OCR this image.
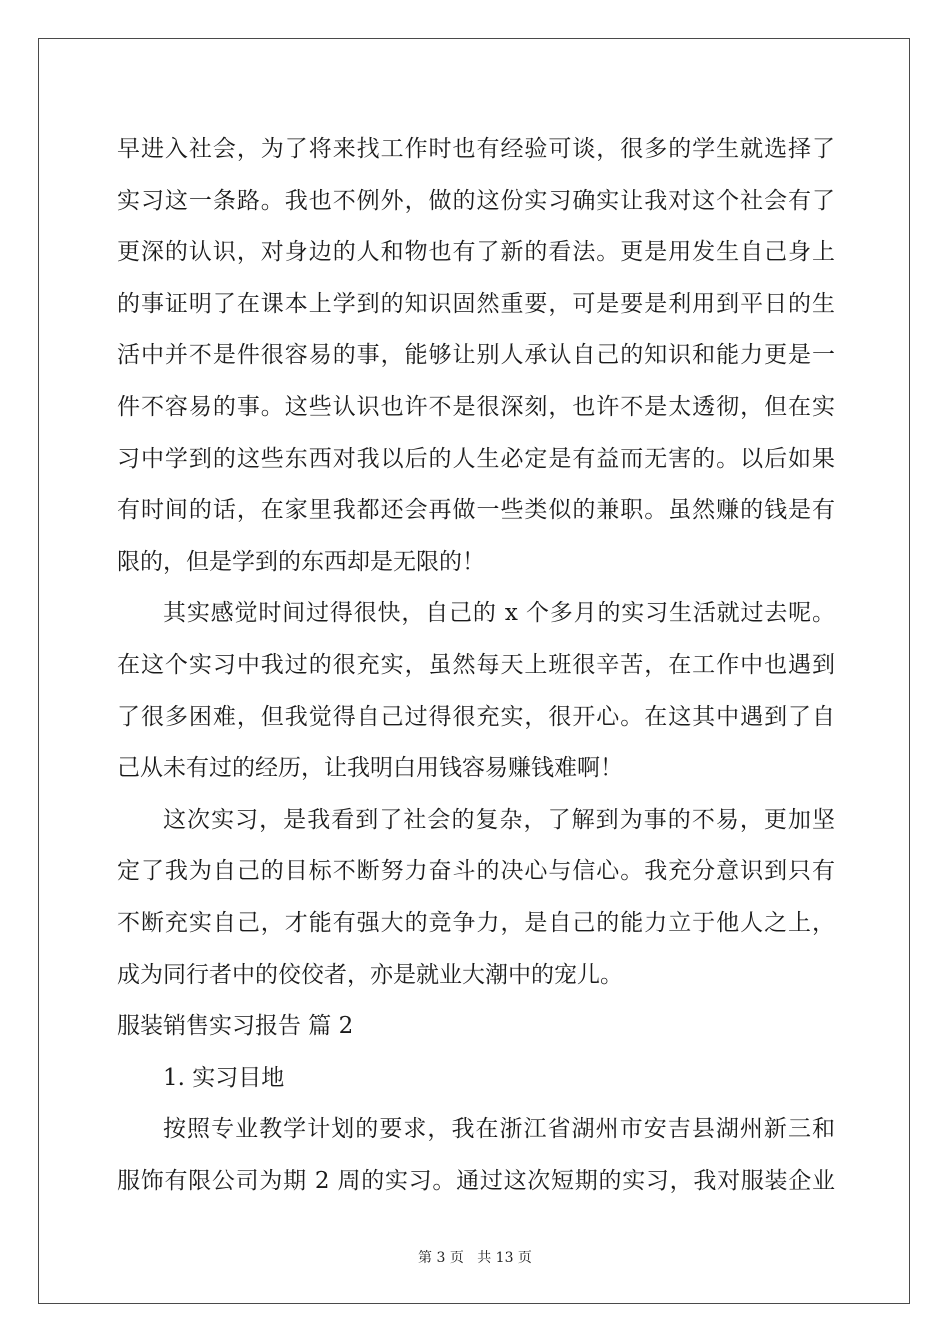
早进入社会，为了将来找工作时也有经验可谈，很多的学生就选择了
实习这一条路。我也不例外，做的这份实习确实让我对这个社会有了
更深的认识，对身边的人和物也有了新的看法。更是用发生自己身上
的事证明了在课本上学到的知识固然重要，可是要是利用到平日的生
活中并不是件很容易的事，能够让别人承认自己的知识和能力更是一
件不容易的事。这些认识也许不是很深刻，也许不是太透彻，但在实
习中学到的这些东西对我以后的人生必定是有益而无害的。以后如果
有时间的话，在家里我都还会再做一些类似的兼职。虽然赚的钱是有
限的，但是学到的东西却是无限的！
其实感觉时间过得很快，自己的 x 个多月的实习生活就过去呢。
在这个实习中我过的很充实，虽然每天上班很辛苦，在工作中也遇到
了很多困难，但我觉得自己过得很充实，很开心。在这其中遇到了自
己从未有过的经历，让我明白用钱容易赚钱难啊！
这次实习，是我看到了社会的复杂，了解到为事的不易，更加坚
定了我为自己的目标不断努力奋斗的决心与信心。我充分意识到只有
不断充实自己，才能有强大的竞争力，是自己的能力立于他人之上，
成为同行者中的佼佼者，亦是就业大潮中的宠儿。
服装销售实习报告 篇 2
1. 实习目地
按照专业教学计划的要求，我在浙江省湖州市安吉县湖州新三和
服饰有限公司为期 2 周的实习。通过这次短期的实习，我对服装企业
第 3 页 共 13 页
